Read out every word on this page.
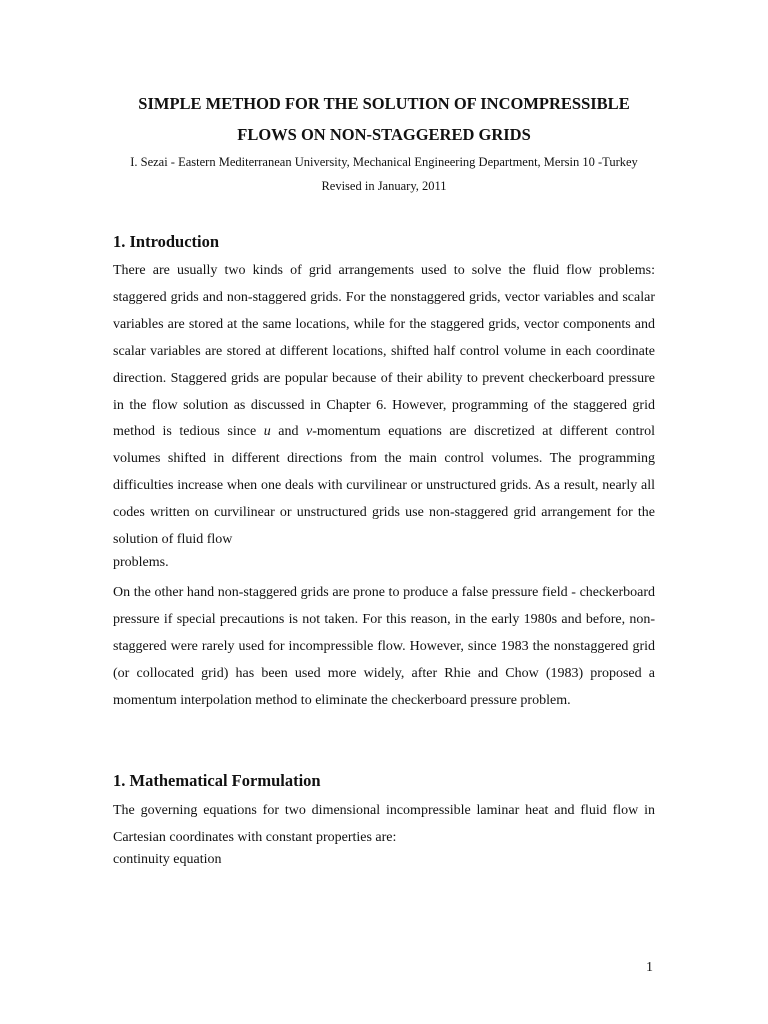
SIMPLE METHOD FOR THE SOLUTION OF INCOMPRESSIBLE
FLOWS ON NON-STAGGERED GRIDS
I. Sezai - Eastern Mediterranean University, Mechanical Engineering Department, Mersin 10 -Turkey
Revised in January, 2011
1. Introduction

There are usually two kinds of grid arrangements used to solve the fluid flow problems: staggered grids and non-staggered grids. For the nonstaggered grids, vector variables and scalar variables are stored at the same locations, while for the staggered grids, vector components and scalar variables are stored at different locations, shifted half control volume in each coordinate direction. Staggered grids are popular because of their ability to prevent checkerboard pressure in the flow solution as discussed in Chapter 6. However, programming of the staggered grid method is tedious since u and v-momentum equations are discretized at different control volumes shifted in different directions from the main control volumes. The programming difficulties increase when one deals with curvilinear or unstructured grids. As a result, nearly all codes written on curvilinear or unstructured grids use non-staggered grid arrangement for the solution of fluid flow

problems.

On the other hand non-staggered grids are prone to produce a false pressure field - checkerboard pressure if special precautions is not taken. For this reason, in the early 1980s and before, non-staggered were rarely used for incompressible flow. However, since 1983 the nonstaggered grid (or collocated grid) has been used more widely, after Rhie and Chow (1983) proposed a momentum interpolation method to eliminate the checkerboard pressure problem.

1. Mathematical Formulation

The governing equations for two dimensional incompressible laminar heat and fluid flow in Cartesian coordinates with constant properties are:

continuity equation
1
